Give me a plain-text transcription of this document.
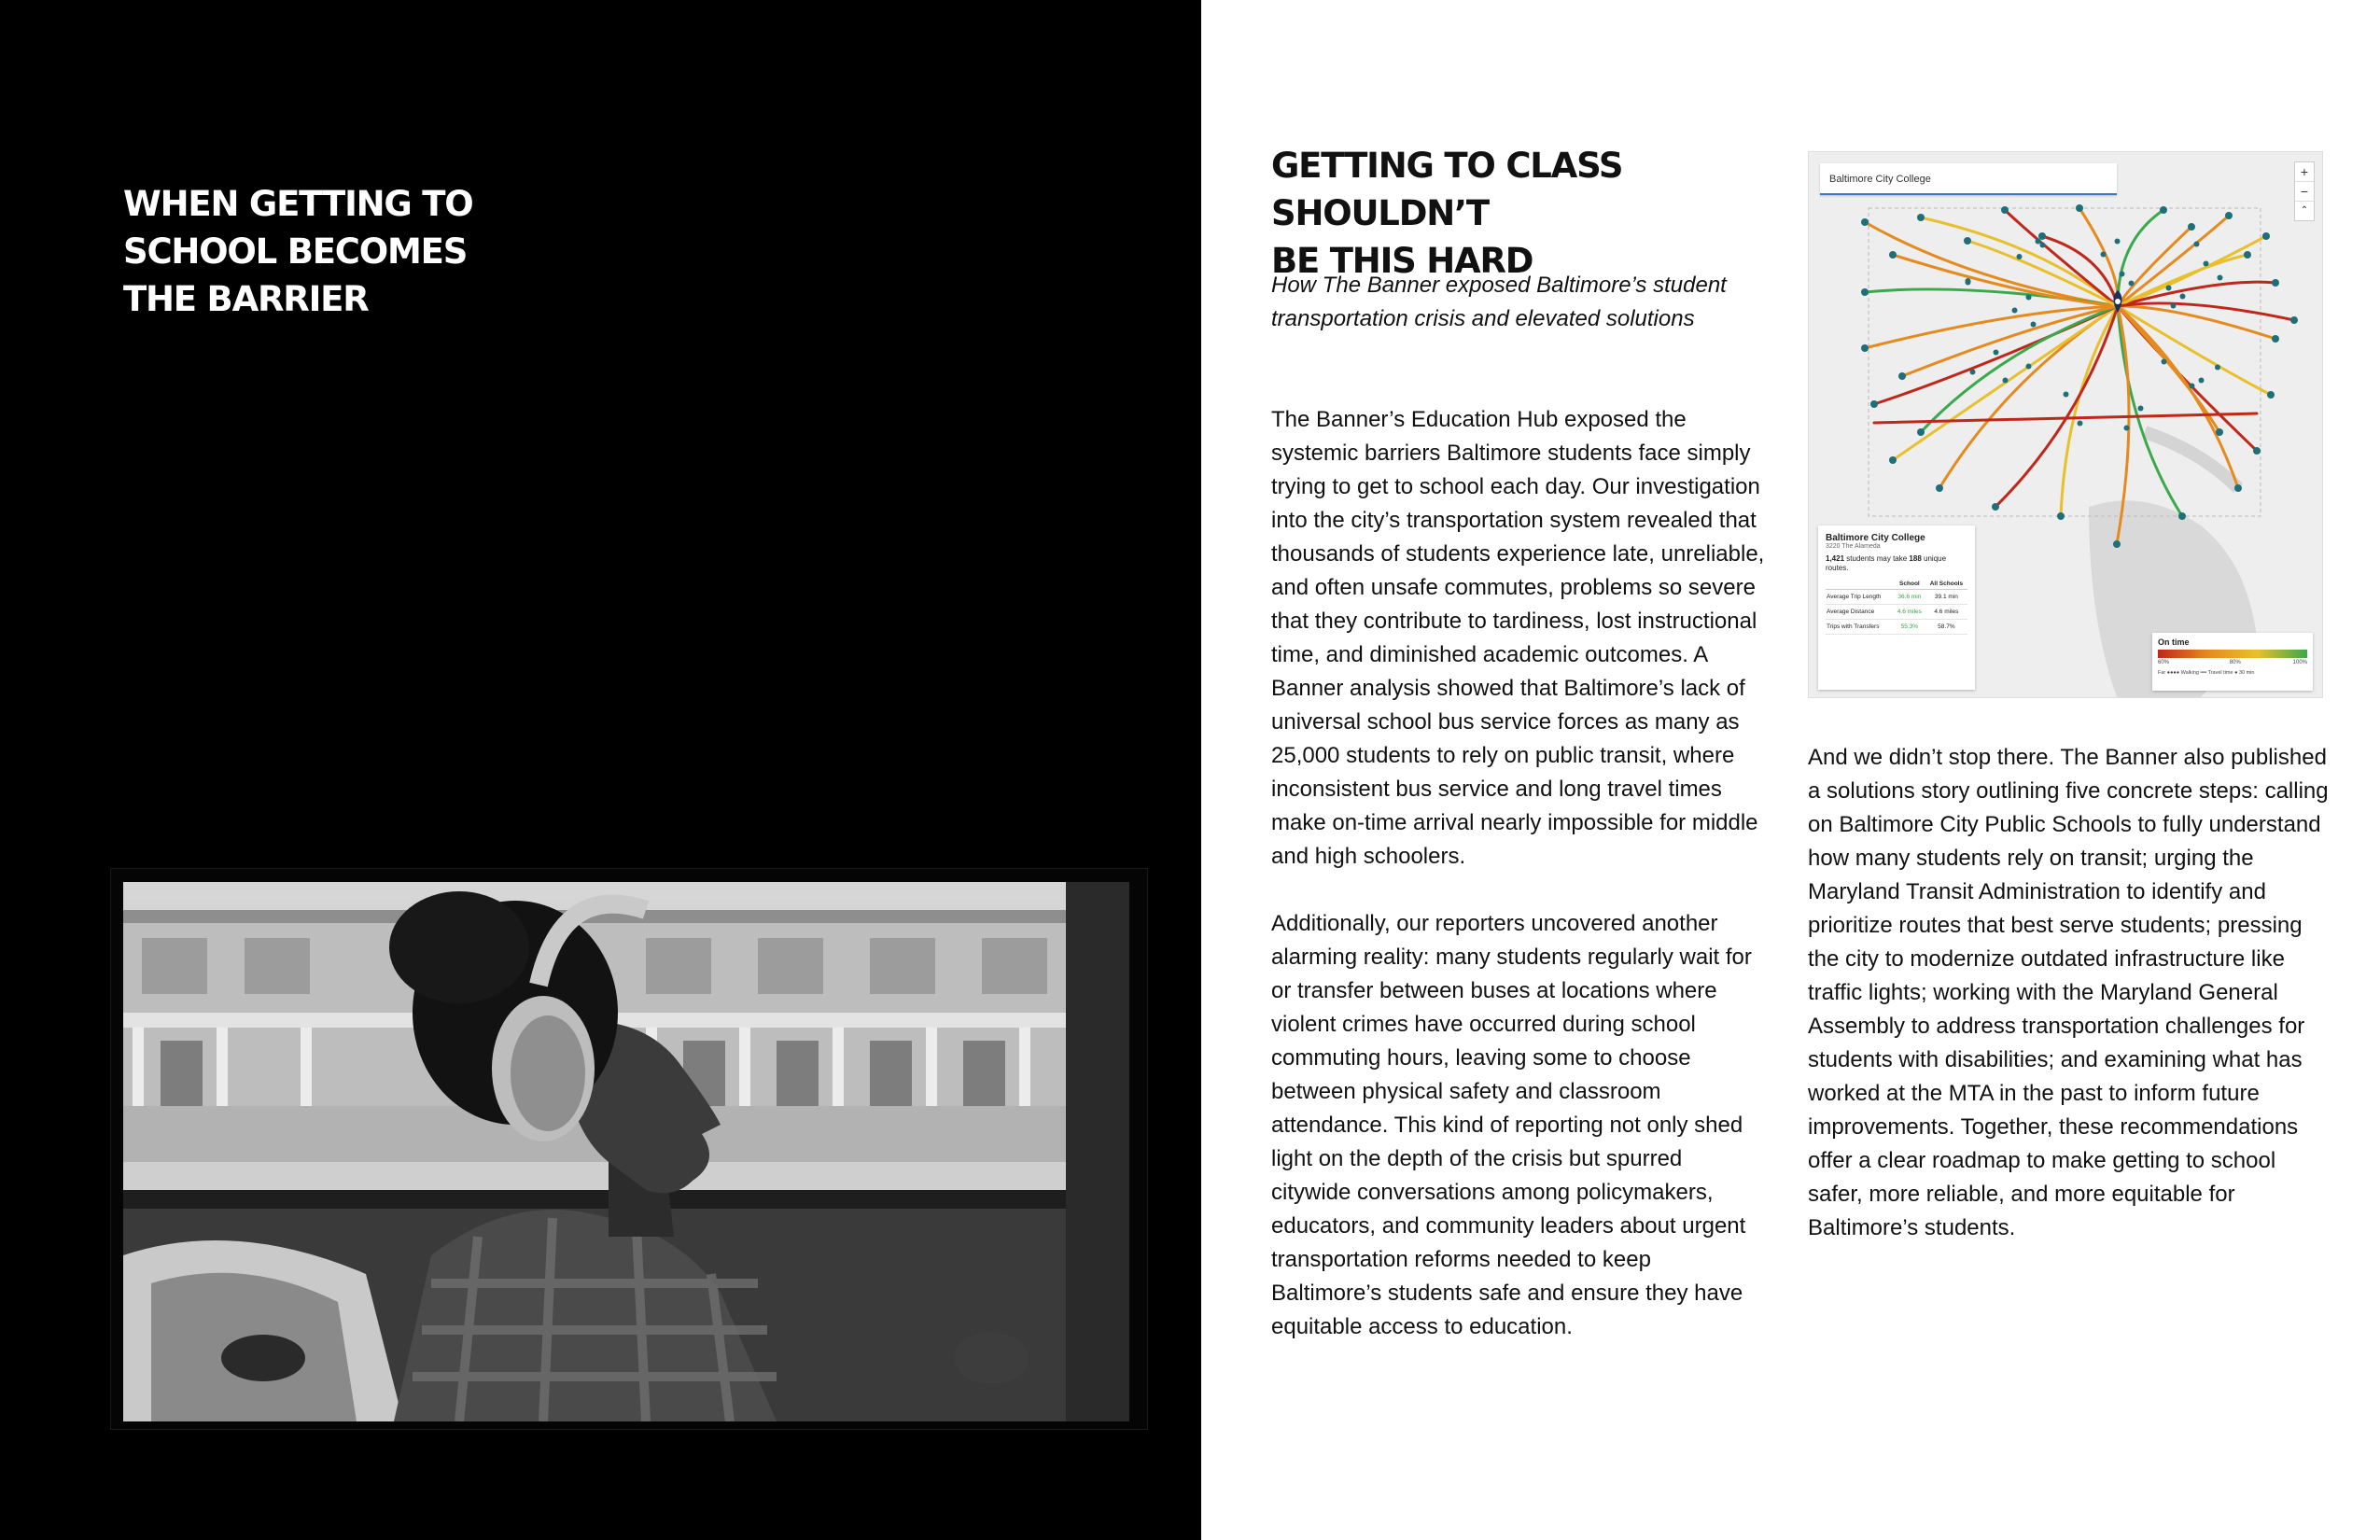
WHEN GETTING TO
SCHOOL BECOMES
THE BARRIER
GETTING TO CLASS SHOULDN’T
BE THIS HARD

How The Banner exposed Baltimore’s student transportation crisis and elevated solutions

The Banner’s Education Hub exposed the systemic barriers Baltimore students face simply trying to get to school each day. Our investigation into the city’s transportation system revealed that thousands of students experience late, unreliable, and often unsafe commutes, problems so severe that they contribute to tardiness, lost instructional time, and diminished academic outcomes. A Banner analysis showed that Baltimore’s lack of universal school bus service forces as many as 25,000 students to rely on public transit, where inconsistent bus service and long travel times make on-time arrival nearly impossible for middle and high schoolers.

Additionally, our reporters uncovered another alarming reality: many students regularly wait for or transfer between buses at locations where violent crimes have occurred during school commuting hours, leaving some to choose between physical safety and classroom attendance. This kind of reporting not only shed light on the depth of the crisis but spurred citywide conversations among policymakers, educators, and community leaders about urgent transportation reforms needed to keep Baltimore’s students safe and ensure they have equitable access to education.

And we didn’t stop there. The Banner also published a solutions story outlining five concrete steps: calling on Baltimore City Public Schools to fully understand how many students rely on transit; urging the Maryland Transit Administration to identify and prioritize routes that best serve students; pressing the city to modernize outdated infrastructure like traffic lights; working with the Maryland General Assembly to address transportation challenges for students with disabilities; and examining what has worked at the MTA in the past to inform future improvements. Together, these recommendations offer a clear roadmap to make getting to school safer, more reliable, and more equitable for Baltimore’s students.

Baltimore City College	+
−
⌃
Baltimore City College
3220 The Alameda
1,421 students may take 188 unique routes.
	School	All Schools
Average Trip Length	36.6 min	39.1 min
Average Distance	4.6 miles	4.6 miles
Trips with Transfers	55.3%	58.7%
On time
60%	80%	100%
Far ●●●● Walking ━━ Travel time ● 30 min
